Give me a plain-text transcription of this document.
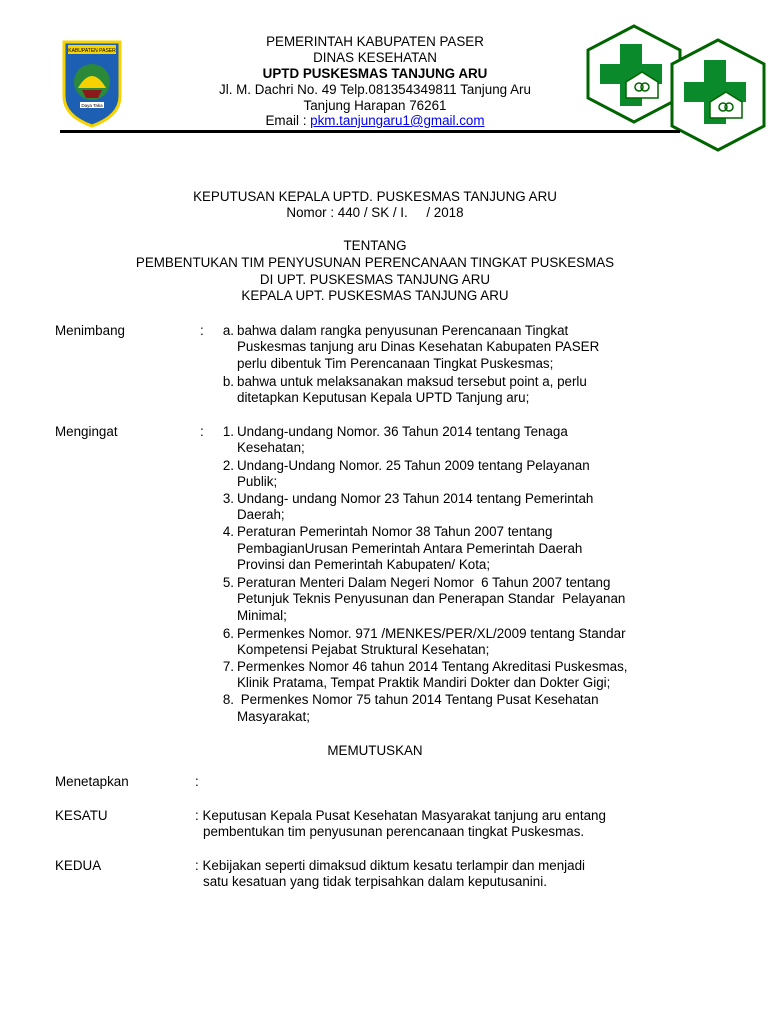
KABUPATEN PASER
Daya Taka
PEMERINTAH KABUPATEN PASER
DINAS KESEHATAN
UPTD PUSKESMAS TANJUNG ARU
Jl. M. Dachri No. 49 Telp.081354349811 Tanjung Aru
Tanjung Harapan 76261
Email : pkm.tanjungaru1@gmail.com
KEPUTUSAN KEPALA UPTD. PUSKESMAS TANJUNG ARU
Nomor : 440 / SK / I.     / 2018
TENTANG
PEMBENTUKAN TIM PENYUSUNAN PERENCANAAN TINGKAT PUSKESMAS
DI UPT. PUSKESMAS TANJUNG ARU
KEPALA UPT. PUSKESMAS TANJUNG ARU
Menimbang	:	a. bahwa dalam rangka penyusunan Perencanaan Tingkat
Puskesmas tanjung aru Dinas Kesehatan Kabupaten PASER
perlu dibentuk Tim Perencanaan Tingkat Puskesmas;
b. bahwa untuk melaksanakan maksud tersebut point a, perlu
ditetapkan Keputusan Kepala UPTD Tanjung aru;
Mengingat	:	1. Undang-undang Nomor. 36 Tahun 2014 tentang Tenaga
Kesehatan;
2. Undang-Undang Nomor. 25 Tahun 2009 tentang Pelayanan
Publik;
3. Undang- undang Nomor 23 Tahun 2014 tentang Pemerintah
Daerah;
4. Peraturan Pemerintah Nomor 38 Tahun 2007 tentang
PembagianUrusan Pemerintah Antara Pemerintah Daerah
Provinsi dan Pemerintah Kabupaten/ Kota;
5. Peraturan Menteri Dalam Negeri Nomor  6 Tahun 2007 tentang
Petunjuk Teknis Penyusunan dan Penerapan Standar  Pelayanan
Minimal;
6. Permenkes Nomor. 971 /MENKES/PER/XL/2009 tentang Standar
Kompetensi Pejabat Struktural Kesehatan;
7. Permenkes Nomor 46 tahun 2014 Tentang Akreditasi Puskesmas,
Klinik Pratama, Tempat Praktik Mandiri Dokter dan Dokter Gigi;
8. Permenkes Nomor 75 tahun 2014 Tentang Pusat Kesehatan
Masyarakat;
MEMUTUSKAN
Menetapkan	:
KESATU	: Keputusan Kepala Pusat Kesehatan Masyarakat tanjung aru entang
pembentukan tim penyusunan perencanaan tingkat Puskesmas.
KEDUA	: Kebijakan seperti dimaksud diktum kesatu terlampir dan menjadi
satu kesatuan yang tidak terpisahkan dalam keputusanini.
